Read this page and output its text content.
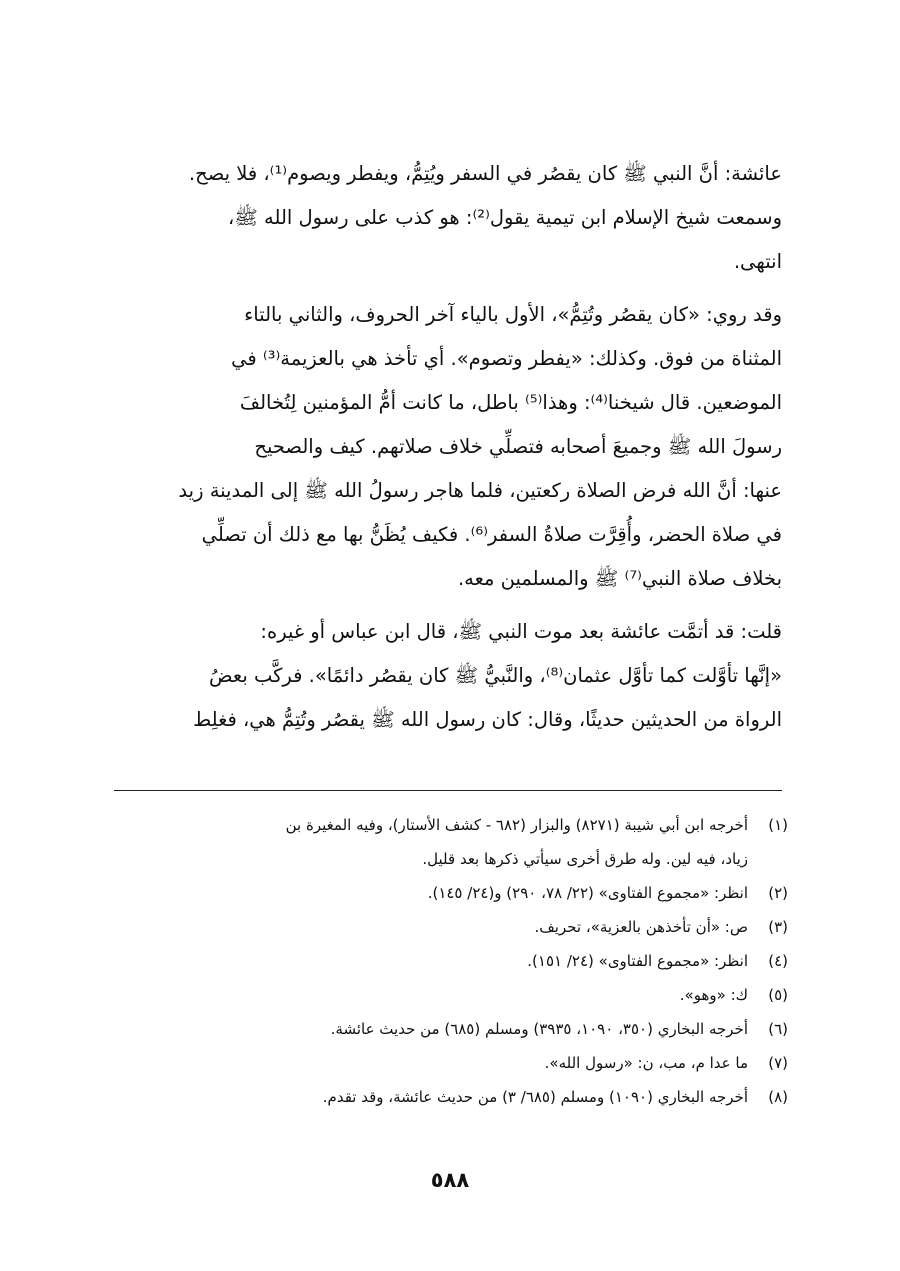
عائشة: أنَّ النبي ﷺ كان يقصُر في السفر ويُتِمُّ، ويفطر ويصوم⁽¹⁾، فلا يصح.
وسمعت شيخ الإسلام ابن تيمية يقول⁽²⁾: هو كذب على رسول الله ﷺ،
انتهى.

وقد روي: «كان يقصُر وتُتِمُّ»، الأول بالياء آخر الحروف، والثاني بالتاء
المثناة من فوق. وكذلك: «يفطر وتصوم». أي تأخذ هي بالعزيمة⁽³⁾ في
الموضعين. قال شيخنا⁽⁴⁾: وهذا⁽⁵⁾ باطل، ما كانت أمُّ المؤمنين لِتُخالفَ
رسولَ الله ﷺ وجميعَ أصحابه فتصلِّي خلاف صلاتهم. كيف والصحيح
عنها: أنَّ الله فرض الصلاة ركعتين، فلما هاجر رسولُ الله ﷺ إلى المدينة زيد
في صلاة الحضر، وأُقِرَّت صلاةُ السفر⁽⁶⁾. فكيف يُظَنُّ بها مع ذلك أن تصلِّي
بخلاف صلاة النبي⁽⁷⁾ ﷺ والمسلمين معه.

قلت: قد أتمَّت عائشة بعد موت النبي ﷺ، قال ابن عباس أو غيره:
«إنَّها تأوَّلت كما تأوَّل عثمان⁽⁸⁾، والنَّبيُّ ﷺ كان يقصُر دائمًا». فركَّب بعضُ
الرواة من الحديثين حديثًا، وقال: كان رسول الله ﷺ يقصُر وتُتِمُّ هي، فغلِط

(١)
أخرجه ابن أبي شيبة (٨٢٧١) والبزار (٦٨٢ - كشف الأستار)، وفيه المغيرة بن
زياد، فيه لين. وله طرق أخرى سيأتي ذكرها بعد قليل.
(٢)
انظر: «مجموع الفتاوى» (٢٢/ ٧٨، ٢٩٠) و(٢٤/ ١٤٥).
(٣)
ص: «أن تأخذهن بالعزية»، تحريف.
(٤)
انظر: «مجموع الفتاوى» (٢٤/ ١٥١).
(٥)
ك: «وهو».
(٦)
أخرجه البخاري (٣٥٠، ١٠٩٠، ٣٩٣٥) ومسلم (٦٨٥) من حديث عائشة.
(٧)
ما عدا م، مب، ن: «رسول الله».
(٨)
أخرجه البخاري (١٠٩٠) ومسلم (٦٨٥/ ٣) من حديث عائشة، وقد تقدم.
٥٨٨
